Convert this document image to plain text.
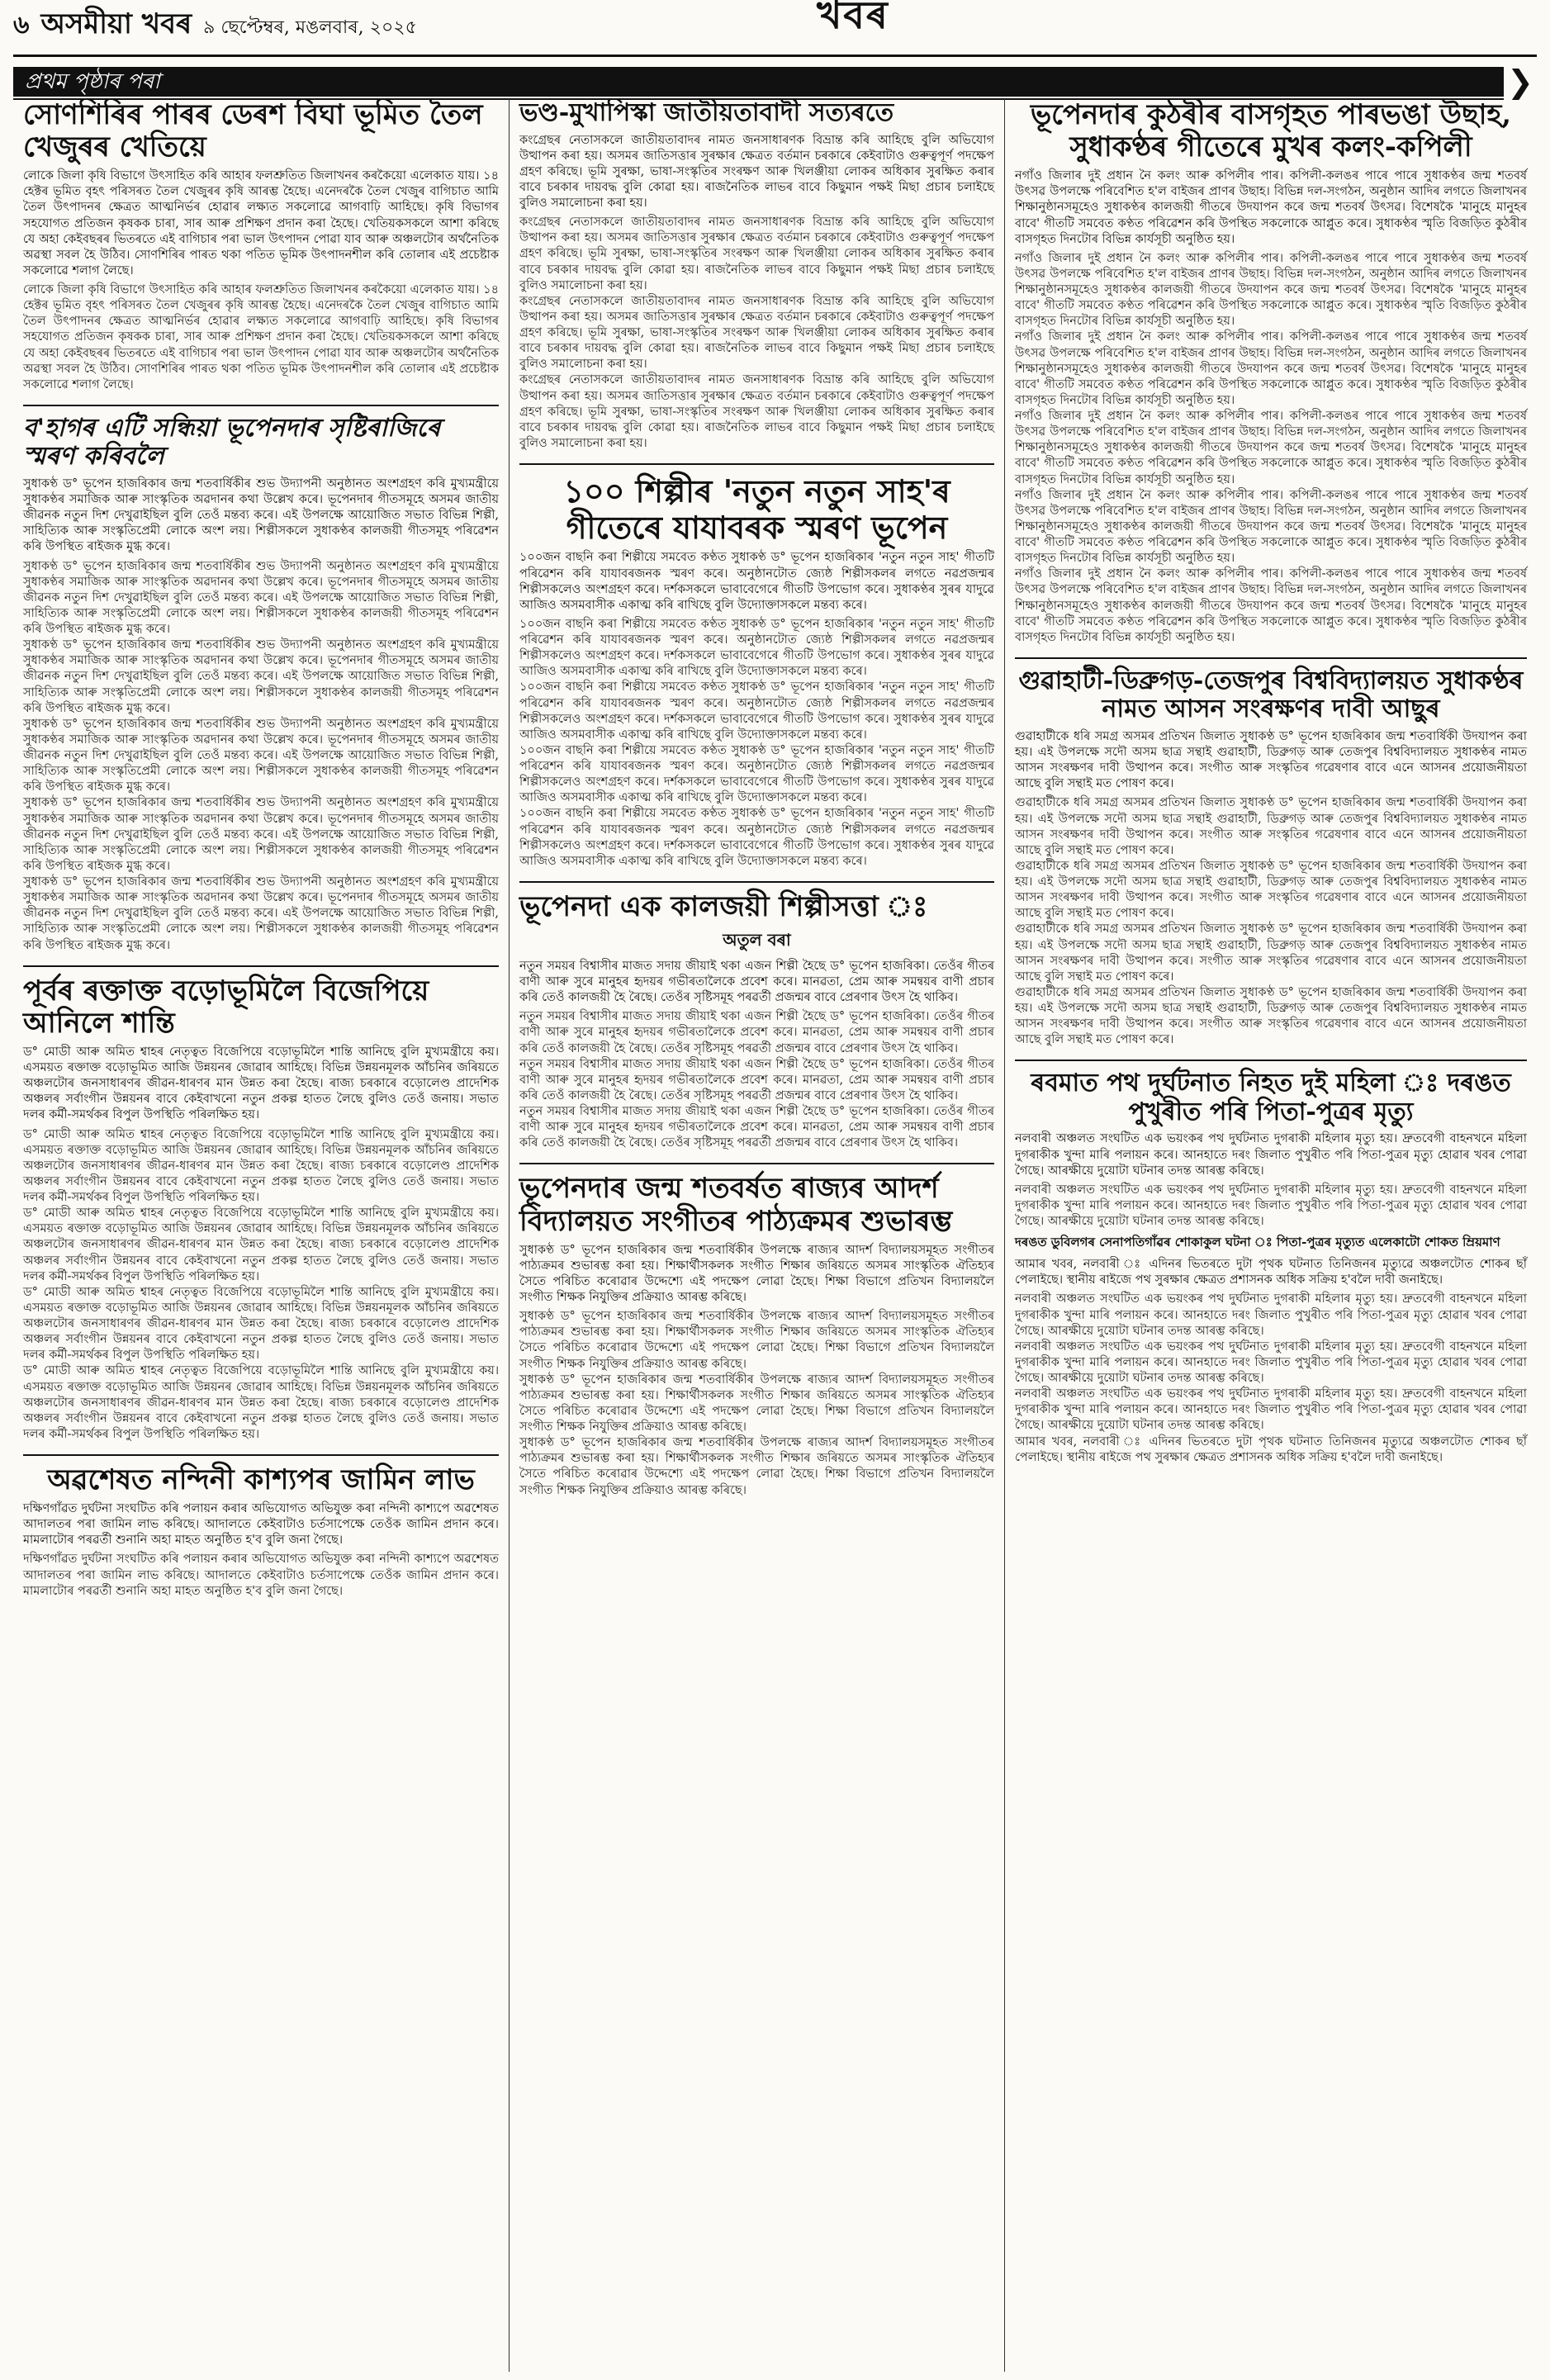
৬ অসমীয়া খবৰ ৯ ছেপ্টেম্বৰ, মঙলবাৰ, ২০২৫	খবৰ
প্ৰথম পৃষ্ঠাৰ পৰা	❯
সোণশিৰিৰ পাৰৰ ডেৰশ বিঘা ভূমিত তৈল খেজুৰৰ খেতিয়ে

লোকে জিলা কৃষি বিভাগে উৎসাহিত কৰি আহাৰ ফলশ্ৰুতিত জিলাখনৰ কৰকৈয়ো এলেকাত যায়। ১৪ হেক্টৰ ভূমিত বৃহৎ পৰিসৰত তৈল খেজুৰৰ কৃষি আৰম্ভ হৈছে। এনেদৰকৈ তৈল খেজুৰ বাগিচাত আমি তৈল উৎপাদনৰ ক্ষেত্ৰত আত্মনিৰ্ভৰ হোৱাৰ লক্ষ্যত সকলোৱে আগবাঢ়ি আহিছে। কৃষি বিভাগৰ সহযোগত প্ৰতিজন কৃষকক চাৰা, সাৰ আৰু প্ৰশিক্ষণ প্ৰদান কৰা হৈছে। খেতিয়কসকলে আশা কৰিছে যে অহা কেইবছৰৰ ভিতৰতে এই বাগিচাৰ পৰা ভাল উৎপাদন পোৱা যাব আৰু অঞ্চলটোৰ অৰ্থনৈতিক অৱস্থা সবল হৈ উঠিব। সোণশিৰিৰ পাৰত থকা পতিত ভূমিক উৎপাদনশীল কৰি তোলাৰ এই প্ৰচেষ্টাক সকলোৱে শলাগ লৈছে।

লোকে জিলা কৃষি বিভাগে উৎসাহিত কৰি আহাৰ ফলশ্ৰুতিত জিলাখনৰ কৰকৈয়ো এলেকাত যায়। ১৪ হেক্টৰ ভূমিত বৃহৎ পৰিসৰত তৈল খেজুৰৰ কৃষি আৰম্ভ হৈছে। এনেদৰকৈ তৈল খেজুৰ বাগিচাত আমি তৈল উৎপাদনৰ ক্ষেত্ৰত আত্মনিৰ্ভৰ হোৱাৰ লক্ষ্যত সকলোৱে আগবাঢ়ি আহিছে। কৃষি বিভাগৰ সহযোগত প্ৰতিজন কৃষকক চাৰা, সাৰ আৰু প্ৰশিক্ষণ প্ৰদান কৰা হৈছে। খেতিয়কসকলে আশা কৰিছে যে অহা কেইবছৰৰ ভিতৰতে এই বাগিচাৰ পৰা ভাল উৎপাদন পোৱা যাব আৰু অঞ্চলটোৰ অৰ্থনৈতিক অৱস্থা সবল হৈ উঠিব। সোণশিৰিৰ পাৰত থকা পতিত ভূমিক উৎপাদনশীল কৰি তোলাৰ এই প্ৰচেষ্টাক সকলোৱে শলাগ লৈছে।
ব'হাগৰ এটি সন্ধিয়া ভূপেনদাৰ সৃষ্টিৰাজিৰে স্মৰণ কৰিবলৈ

সুধাকণ্ঠ ড° ভূপেন হাজৰিকাৰ জন্ম শতবাৰ্ষিকীৰ শুভ উদ্যাপনী অনুষ্ঠানত অংশগ্ৰহণ কৰি মুখ্যমন্ত্ৰীয়ে সুধাকণ্ঠৰ সমাজিক আৰু সাংস্কৃতিক অৱদানৰ কথা উল্লেখ কৰে। ভূপেনদাৰ গীতসমূহে অসমৰ জাতীয় জীৱনক নতুন দিশ দেখুৱাইছিল বুলি তেওঁ মন্তব্য কৰে। এই উপলক্ষে আয়োজিত সভাত বিভিন্ন শিল্পী, সাহিত্যিক আৰু সংস্কৃতিপ্ৰেমী লোকে অংশ লয়। শিল্পীসকলে সুধাকণ্ঠৰ কালজয়ী গীতসমূহ পৰিৱেশন কৰি উপস্থিত ৰাইজক মুগ্ধ কৰে।

সুধাকণ্ঠ ড° ভূপেন হাজৰিকাৰ জন্ম শতবাৰ্ষিকীৰ শুভ উদ্যাপনী অনুষ্ঠানত অংশগ্ৰহণ কৰি মুখ্যমন্ত্ৰীয়ে সুধাকণ্ঠৰ সমাজিক আৰু সাংস্কৃতিক অৱদানৰ কথা উল্লেখ কৰে। ভূপেনদাৰ গীতসমূহে অসমৰ জাতীয় জীৱনক নতুন দিশ দেখুৱাইছিল বুলি তেওঁ মন্তব্য কৰে। এই উপলক্ষে আয়োজিত সভাত বিভিন্ন শিল্পী, সাহিত্যিক আৰু সংস্কৃতিপ্ৰেমী লোকে অংশ লয়। শিল্পীসকলে সুধাকণ্ঠৰ কালজয়ী গীতসমূহ পৰিৱেশন কৰি উপস্থিত ৰাইজক মুগ্ধ কৰে।
সুধাকণ্ঠ ড° ভূপেন হাজৰিকাৰ জন্ম শতবাৰ্ষিকীৰ শুভ উদ্যাপনী অনুষ্ঠানত অংশগ্ৰহণ কৰি মুখ্যমন্ত্ৰীয়ে সুধাকণ্ঠৰ সমাজিক আৰু সাংস্কৃতিক অৱদানৰ কথা উল্লেখ কৰে। ভূপেনদাৰ গীতসমূহে অসমৰ জাতীয় জীৱনক নতুন দিশ দেখুৱাইছিল বুলি তেওঁ মন্তব্য কৰে। এই উপলক্ষে আয়োজিত সভাত বিভিন্ন শিল্পী, সাহিত্যিক আৰু সংস্কৃতিপ্ৰেমী লোকে অংশ লয়। শিল্পীসকলে সুধাকণ্ঠৰ কালজয়ী গীতসমূহ পৰিৱেশন কৰি উপস্থিত ৰাইজক মুগ্ধ কৰে।
সুধাকণ্ঠ ড° ভূপেন হাজৰিকাৰ জন্ম শতবাৰ্ষিকীৰ শুভ উদ্যাপনী অনুষ্ঠানত অংশগ্ৰহণ কৰি মুখ্যমন্ত্ৰীয়ে সুধাকণ্ঠৰ সমাজিক আৰু সাংস্কৃতিক অৱদানৰ কথা উল্লেখ কৰে। ভূপেনদাৰ গীতসমূহে অসমৰ জাতীয় জীৱনক নতুন দিশ দেখুৱাইছিল বুলি তেওঁ মন্তব্য কৰে। এই উপলক্ষে আয়োজিত সভাত বিভিন্ন শিল্পী, সাহিত্যিক আৰু সংস্কৃতিপ্ৰেমী লোকে অংশ লয়। শিল্পীসকলে সুধাকণ্ঠৰ কালজয়ী গীতসমূহ পৰিৱেশন কৰি উপস্থিত ৰাইজক মুগ্ধ কৰে।
সুধাকণ্ঠ ড° ভূপেন হাজৰিকাৰ জন্ম শতবাৰ্ষিকীৰ শুভ উদ্যাপনী অনুষ্ঠানত অংশগ্ৰহণ কৰি মুখ্যমন্ত্ৰীয়ে সুধাকণ্ঠৰ সমাজিক আৰু সাংস্কৃতিক অৱদানৰ কথা উল্লেখ কৰে। ভূপেনদাৰ গীতসমূহে অসমৰ জাতীয় জীৱনক নতুন দিশ দেখুৱাইছিল বুলি তেওঁ মন্তব্য কৰে। এই উপলক্ষে আয়োজিত সভাত বিভিন্ন শিল্পী, সাহিত্যিক আৰু সংস্কৃতিপ্ৰেমী লোকে অংশ লয়। শিল্পীসকলে সুধাকণ্ঠৰ কালজয়ী গীতসমূহ পৰিৱেশন কৰি উপস্থিত ৰাইজক মুগ্ধ কৰে।
সুধাকণ্ঠ ড° ভূপেন হাজৰিকাৰ জন্ম শতবাৰ্ষিকীৰ শুভ উদ্যাপনী অনুষ্ঠানত অংশগ্ৰহণ কৰি মুখ্যমন্ত্ৰীয়ে সুধাকণ্ঠৰ সমাজিক আৰু সাংস্কৃতিক অৱদানৰ কথা উল্লেখ কৰে। ভূপেনদাৰ গীতসমূহে অসমৰ জাতীয় জীৱনক নতুন দিশ দেখুৱাইছিল বুলি তেওঁ মন্তব্য কৰে। এই উপলক্ষে আয়োজিত সভাত বিভিন্ন শিল্পী, সাহিত্যিক আৰু সংস্কৃতিপ্ৰেমী লোকে অংশ লয়। শিল্পীসকলে সুধাকণ্ঠৰ কালজয়ী গীতসমূহ পৰিৱেশন কৰি উপস্থিত ৰাইজক মুগ্ধ কৰে।
পূৰ্বৰ ৰক্তাক্ত বড়োভূমিলৈ বিজেপিয়ে আনিলে শান্তি

ড° মোডী আৰু অমিত শ্বাহৰ নেতৃত্বত বিজেপিয়ে বড়োভূমিলৈ শান্তি আনিছে বুলি মুখ্যমন্ত্ৰীয়ে কয়। এসময়ত ৰক্তাক্ত বড়োভূমিত আজি উন্নয়নৰ জোৱাৰ আহিছে। বিভিন্ন উন্নয়নমূলক আঁচনিৰ জৰিয়তে অঞ্চলটোৰ জনসাধাৰণৰ জীৱন-ধাৰণৰ মান উন্নত কৰা হৈছে। ৰাজ্য চৰকাৰে বড়োলেণ্ড প্ৰাদেশিক অঞ্চলৰ সৰ্বাংগীন উন্নয়নৰ বাবে কেইবাখনো নতুন প্ৰকল্প হাতত লৈছে বুলিও তেওঁ জনায়। সভাত দলৰ কৰ্মী-সমৰ্থকৰ বিপুল উপস্থিতি পৰিলক্ষিত হয়।

ড° মোডী আৰু অমিত শ্বাহৰ নেতৃত্বত বিজেপিয়ে বড়োভূমিলৈ শান্তি আনিছে বুলি মুখ্যমন্ত্ৰীয়ে কয়। এসময়ত ৰক্তাক্ত বড়োভূমিত আজি উন্নয়নৰ জোৱাৰ আহিছে। বিভিন্ন উন্নয়নমূলক আঁচনিৰ জৰিয়তে অঞ্চলটোৰ জনসাধাৰণৰ জীৱন-ধাৰণৰ মান উন্নত কৰা হৈছে। ৰাজ্য চৰকাৰে বড়োলেণ্ড প্ৰাদেশিক অঞ্চলৰ সৰ্বাংগীন উন্নয়নৰ বাবে কেইবাখনো নতুন প্ৰকল্প হাতত লৈছে বুলিও তেওঁ জনায়। সভাত দলৰ কৰ্মী-সমৰ্থকৰ বিপুল উপস্থিতি পৰিলক্ষিত হয়।
ড° মোডী আৰু অমিত শ্বাহৰ নেতৃত্বত বিজেপিয়ে বড়োভূমিলৈ শান্তি আনিছে বুলি মুখ্যমন্ত্ৰীয়ে কয়। এসময়ত ৰক্তাক্ত বড়োভূমিত আজি উন্নয়নৰ জোৱাৰ আহিছে। বিভিন্ন উন্নয়নমূলক আঁচনিৰ জৰিয়তে অঞ্চলটোৰ জনসাধাৰণৰ জীৱন-ধাৰণৰ মান উন্নত কৰা হৈছে। ৰাজ্য চৰকাৰে বড়োলেণ্ড প্ৰাদেশিক অঞ্চলৰ সৰ্বাংগীন উন্নয়নৰ বাবে কেইবাখনো নতুন প্ৰকল্প হাতত লৈছে বুলিও তেওঁ জনায়। সভাত দলৰ কৰ্মী-সমৰ্থকৰ বিপুল উপস্থিতি পৰিলক্ষিত হয়।
ড° মোডী আৰু অমিত শ্বাহৰ নেতৃত্বত বিজেপিয়ে বড়োভূমিলৈ শান্তি আনিছে বুলি মুখ্যমন্ত্ৰীয়ে কয়। এসময়ত ৰক্তাক্ত বড়োভূমিত আজি উন্নয়নৰ জোৱাৰ আহিছে। বিভিন্ন উন্নয়নমূলক আঁচনিৰ জৰিয়তে অঞ্চলটোৰ জনসাধাৰণৰ জীৱন-ধাৰণৰ মান উন্নত কৰা হৈছে। ৰাজ্য চৰকাৰে বড়োলেণ্ড প্ৰাদেশিক অঞ্চলৰ সৰ্বাংগীন উন্নয়নৰ বাবে কেইবাখনো নতুন প্ৰকল্প হাতত লৈছে বুলিও তেওঁ জনায়। সভাত দলৰ কৰ্মী-সমৰ্থকৰ বিপুল উপস্থিতি পৰিলক্ষিত হয়।
ড° মোডী আৰু অমিত শ্বাহৰ নেতৃত্বত বিজেপিয়ে বড়োভূমিলৈ শান্তি আনিছে বুলি মুখ্যমন্ত্ৰীয়ে কয়। এসময়ত ৰক্তাক্ত বড়োভূমিত আজি উন্নয়নৰ জোৱাৰ আহিছে। বিভিন্ন উন্নয়নমূলক আঁচনিৰ জৰিয়তে অঞ্চলটোৰ জনসাধাৰণৰ জীৱন-ধাৰণৰ মান উন্নত কৰা হৈছে। ৰাজ্য চৰকাৰে বড়োলেণ্ড প্ৰাদেশিক অঞ্চলৰ সৰ্বাংগীন উন্নয়নৰ বাবে কেইবাখনো নতুন প্ৰকল্প হাতত লৈছে বুলিও তেওঁ জনায়। সভাত দলৰ কৰ্মী-সমৰ্থকৰ বিপুল উপস্থিতি পৰিলক্ষিত হয়।
অৱশেষত নন্দিনী কাশ্যপৰ জামিন লাভ

দক্ষিণগাঁৱত দুৰ্ঘটনা সংঘটিত কৰি পলায়ন কৰাৰ অভিযোগত অভিযুক্ত কৰা নন্দিনী কাশ্যপে অৱশেষত আদালতৰ পৰা জামিন লাভ কৰিছে। আদালতে কেইবাটাও চৰ্তসাপেক্ষে তেওঁক জামিন প্ৰদান কৰে। মামলাটোৰ পৰৱৰ্তী শুনানি অহা মাহত অনুষ্ঠিত হ'ব বুলি জনা গৈছে।

দক্ষিণগাঁৱত দুৰ্ঘটনা সংঘটিত কৰি পলায়ন কৰাৰ অভিযোগত অভিযুক্ত কৰা নন্দিনী কাশ্যপে অৱশেষত আদালতৰ পৰা জামিন লাভ কৰিছে। আদালতে কেইবাটাও চৰ্তসাপেক্ষে তেওঁক জামিন প্ৰদান কৰে। মামলাটোৰ পৰৱৰ্তী শুনানি অহা মাহত অনুষ্ঠিত হ'ব বুলি জনা গৈছে।
ভণ্ড-মুখাপিস্কা জাতীয়তাবাদী সত্যৰতে

কংগ্ৰেছৰ নেতাসকলে জাতীয়তাবাদৰ নামত জনসাধাৰণক বিভ্ৰান্ত কৰি আহিছে বুলি অভিযোগ উত্থাপন কৰা হয়। অসমৰ জাতিসত্তাৰ সুৰক্ষাৰ ক্ষেত্ৰত বৰ্তমান চৰকাৰে কেইবাটাও গুৰুত্বপূৰ্ণ পদক্ষেপ গ্ৰহণ কৰিছে। ভূমি সুৰক্ষা, ভাষা-সংস্কৃতিৰ সংৰক্ষণ আৰু খিলঞ্জীয়া লোকৰ অধিকাৰ সুৰক্ষিত কৰাৰ বাবে চৰকাৰ দায়বদ্ধ বুলি কোৱা হয়। ৰাজনৈতিক লাভৰ বাবে কিছুমান পক্ষই মিছা প্ৰচাৰ চলাইছে বুলিও সমালোচনা কৰা হয়।

কংগ্ৰেছৰ নেতাসকলে জাতীয়তাবাদৰ নামত জনসাধাৰণক বিভ্ৰান্ত কৰি আহিছে বুলি অভিযোগ উত্থাপন কৰা হয়। অসমৰ জাতিসত্তাৰ সুৰক্ষাৰ ক্ষেত্ৰত বৰ্তমান চৰকাৰে কেইবাটাও গুৰুত্বপূৰ্ণ পদক্ষেপ গ্ৰহণ কৰিছে। ভূমি সুৰক্ষা, ভাষা-সংস্কৃতিৰ সংৰক্ষণ আৰু খিলঞ্জীয়া লোকৰ অধিকাৰ সুৰক্ষিত কৰাৰ বাবে চৰকাৰ দায়বদ্ধ বুলি কোৱা হয়। ৰাজনৈতিক লাভৰ বাবে কিছুমান পক্ষই মিছা প্ৰচাৰ চলাইছে বুলিও সমালোচনা কৰা হয়।
কংগ্ৰেছৰ নেতাসকলে জাতীয়তাবাদৰ নামত জনসাধাৰণক বিভ্ৰান্ত কৰি আহিছে বুলি অভিযোগ উত্থাপন কৰা হয়। অসমৰ জাতিসত্তাৰ সুৰক্ষাৰ ক্ষেত্ৰত বৰ্তমান চৰকাৰে কেইবাটাও গুৰুত্বপূৰ্ণ পদক্ষেপ গ্ৰহণ কৰিছে। ভূমি সুৰক্ষা, ভাষা-সংস্কৃতিৰ সংৰক্ষণ আৰু খিলঞ্জীয়া লোকৰ অধিকাৰ সুৰক্ষিত কৰাৰ বাবে চৰকাৰ দায়বদ্ধ বুলি কোৱা হয়। ৰাজনৈতিক লাভৰ বাবে কিছুমান পক্ষই মিছা প্ৰচাৰ চলাইছে বুলিও সমালোচনা কৰা হয়।
কংগ্ৰেছৰ নেতাসকলে জাতীয়তাবাদৰ নামত জনসাধাৰণক বিভ্ৰান্ত কৰি আহিছে বুলি অভিযোগ উত্থাপন কৰা হয়। অসমৰ জাতিসত্তাৰ সুৰক্ষাৰ ক্ষেত্ৰত বৰ্তমান চৰকাৰে কেইবাটাও গুৰুত্বপূৰ্ণ পদক্ষেপ গ্ৰহণ কৰিছে। ভূমি সুৰক্ষা, ভাষা-সংস্কৃতিৰ সংৰক্ষণ আৰু খিলঞ্জীয়া লোকৰ অধিকাৰ সুৰক্ষিত কৰাৰ বাবে চৰকাৰ দায়বদ্ধ বুলি কোৱা হয়। ৰাজনৈতিক লাভৰ বাবে কিছুমান পক্ষই মিছা প্ৰচাৰ চলাইছে বুলিও সমালোচনা কৰা হয়।
১০০ শিল্পীৰ 'নতুন নতুন সাহ'ৰ গীতেৰে যাযাবৰক স্মৰণ ভূপেন

১০০জন বাছনি কৰা শিল্পীয়ে সমবেত কণ্ঠত সুধাকণ্ঠ ড° ভূপেন হাজৰিকাৰ 'নতুন নতুন সাহ' গীতটি পৰিৱেশন কৰি যাযাবৰজনক স্মৰণ কৰে। অনুষ্ঠানটোত জ্যেষ্ঠ শিল্পীসকলৰ লগতে নৱপ্ৰজন্মৰ শিল্পীসকলেও অংশগ্ৰহণ কৰে। দৰ্শকসকলে ভাবাবেগেৰে গীতটি উপভোগ কৰে। সুধাকণ্ঠৰ সুৰৰ যাদুৱে আজিও অসমবাসীক একাত্ম কৰি ৰাখিছে বুলি উদ্যোক্তাসকলে মন্তব্য কৰে।

১০০জন বাছনি কৰা শিল্পীয়ে সমবেত কণ্ঠত সুধাকণ্ঠ ড° ভূপেন হাজৰিকাৰ 'নতুন নতুন সাহ' গীতটি পৰিৱেশন কৰি যাযাবৰজনক স্মৰণ কৰে। অনুষ্ঠানটোত জ্যেষ্ঠ শিল্পীসকলৰ লগতে নৱপ্ৰজন্মৰ শিল্পীসকলেও অংশগ্ৰহণ কৰে। দৰ্শকসকলে ভাবাবেগেৰে গীতটি উপভোগ কৰে। সুধাকণ্ঠৰ সুৰৰ যাদুৱে আজিও অসমবাসীক একাত্ম কৰি ৰাখিছে বুলি উদ্যোক্তাসকলে মন্তব্য কৰে।
১০০জন বাছনি কৰা শিল্পীয়ে সমবেত কণ্ঠত সুধাকণ্ঠ ড° ভূপেন হাজৰিকাৰ 'নতুন নতুন সাহ' গীতটি পৰিৱেশন কৰি যাযাবৰজনক স্মৰণ কৰে। অনুষ্ঠানটোত জ্যেষ্ঠ শিল্পীসকলৰ লগতে নৱপ্ৰজন্মৰ শিল্পীসকলেও অংশগ্ৰহণ কৰে। দৰ্শকসকলে ভাবাবেগেৰে গীতটি উপভোগ কৰে। সুধাকণ্ঠৰ সুৰৰ যাদুৱে আজিও অসমবাসীক একাত্ম কৰি ৰাখিছে বুলি উদ্যোক্তাসকলে মন্তব্য কৰে।
১০০জন বাছনি কৰা শিল্পীয়ে সমবেত কণ্ঠত সুধাকণ্ঠ ড° ভূপেন হাজৰিকাৰ 'নতুন নতুন সাহ' গীতটি পৰিৱেশন কৰি যাযাবৰজনক স্মৰণ কৰে। অনুষ্ঠানটোত জ্যেষ্ঠ শিল্পীসকলৰ লগতে নৱপ্ৰজন্মৰ শিল্পীসকলেও অংশগ্ৰহণ কৰে। দৰ্শকসকলে ভাবাবেগেৰে গীতটি উপভোগ কৰে। সুধাকণ্ঠৰ সুৰৰ যাদুৱে আজিও অসমবাসীক একাত্ম কৰি ৰাখিছে বুলি উদ্যোক্তাসকলে মন্তব্য কৰে।
১০০জন বাছনি কৰা শিল্পীয়ে সমবেত কণ্ঠত সুধাকণ্ঠ ড° ভূপেন হাজৰিকাৰ 'নতুন নতুন সাহ' গীতটি পৰিৱেশন কৰি যাযাবৰজনক স্মৰণ কৰে। অনুষ্ঠানটোত জ্যেষ্ঠ শিল্পীসকলৰ লগতে নৱপ্ৰজন্মৰ শিল্পীসকলেও অংশগ্ৰহণ কৰে। দৰ্শকসকলে ভাবাবেগেৰে গীতটি উপভোগ কৰে। সুধাকণ্ঠৰ সুৰৰ যাদুৱে আজিও অসমবাসীক একাত্ম কৰি ৰাখিছে বুলি উদ্যোক্তাসকলে মন্তব্য কৰে।
ভূপেনদা এক কালজয়ী শিল্পীসত্তা ঃ
অতুল বৰা

নতুন সময়ৰ বিশ্বাসীৰ মাজত সদায় জীয়াই থকা এজন শিল্পী হৈছে ড° ভূপেন হাজৰিকা। তেওঁৰ গীতৰ বাণী আৰু সুৰে মানুহৰ হৃদয়ৰ গভীৰতালৈকে প্ৰবেশ কৰে। মানৱতা, প্ৰেম আৰু সমন্বয়ৰ বাণী প্ৰচাৰ কৰি তেওঁ কালজয়ী হৈ ৰৈছে। তেওঁৰ সৃষ্টিসমূহ পৰৱৰ্তী প্ৰজন্মৰ বাবে প্ৰেৰণাৰ উৎস হৈ থাকিব।

নতুন সময়ৰ বিশ্বাসীৰ মাজত সদায় জীয়াই থকা এজন শিল্পী হৈছে ড° ভূপেন হাজৰিকা। তেওঁৰ গীতৰ বাণী আৰু সুৰে মানুহৰ হৃদয়ৰ গভীৰতালৈকে প্ৰবেশ কৰে। মানৱতা, প্ৰেম আৰু সমন্বয়ৰ বাণী প্ৰচাৰ কৰি তেওঁ কালজয়ী হৈ ৰৈছে। তেওঁৰ সৃষ্টিসমূহ পৰৱৰ্তী প্ৰজন্মৰ বাবে প্ৰেৰণাৰ উৎস হৈ থাকিব।
নতুন সময়ৰ বিশ্বাসীৰ মাজত সদায় জীয়াই থকা এজন শিল্পী হৈছে ড° ভূপেন হাজৰিকা। তেওঁৰ গীতৰ বাণী আৰু সুৰে মানুহৰ হৃদয়ৰ গভীৰতালৈকে প্ৰবেশ কৰে। মানৱতা, প্ৰেম আৰু সমন্বয়ৰ বাণী প্ৰচাৰ কৰি তেওঁ কালজয়ী হৈ ৰৈছে। তেওঁৰ সৃষ্টিসমূহ পৰৱৰ্তী প্ৰজন্মৰ বাবে প্ৰেৰণাৰ উৎস হৈ থাকিব।
নতুন সময়ৰ বিশ্বাসীৰ মাজত সদায় জীয়াই থকা এজন শিল্পী হৈছে ড° ভূপেন হাজৰিকা। তেওঁৰ গীতৰ বাণী আৰু সুৰে মানুহৰ হৃদয়ৰ গভীৰতালৈকে প্ৰবেশ কৰে। মানৱতা, প্ৰেম আৰু সমন্বয়ৰ বাণী প্ৰচাৰ কৰি তেওঁ কালজয়ী হৈ ৰৈছে। তেওঁৰ সৃষ্টিসমূহ পৰৱৰ্তী প্ৰজন্মৰ বাবে প্ৰেৰণাৰ উৎস হৈ থাকিব।
ভূপেনদাৰ জন্ম শতবৰ্ষত ৰাজ্যৰ আদৰ্শ বিদ্যালয়ত সংগীতৰ পাঠ্যক্ৰমৰ শুভাৰম্ভ

সুধাকণ্ঠ ড° ভূপেন হাজৰিকাৰ জন্ম শতবাৰ্ষিকীৰ উপলক্ষে ৰাজ্যৰ আদৰ্শ বিদ্যালয়সমূহত সংগীতৰ পাঠ্যক্ৰমৰ শুভাৰম্ভ কৰা হয়। শিক্ষাৰ্থীসকলক সংগীত শিক্ষাৰ জৰিয়তে অসমৰ সাংস্কৃতিক ঐতিহ্যৰ সৈতে পৰিচিত কৰোৱাৰ উদ্দেশ্যে এই পদক্ষেপ লোৱা হৈছে। শিক্ষা বিভাগে প্ৰতিখন বিদ্যালয়লৈ সংগীত শিক্ষক নিযুক্তিৰ প্ৰক্ৰিয়াও আৰম্ভ কৰিছে।

সুধাকণ্ঠ ড° ভূপেন হাজৰিকাৰ জন্ম শতবাৰ্ষিকীৰ উপলক্ষে ৰাজ্যৰ আদৰ্শ বিদ্যালয়সমূহত সংগীতৰ পাঠ্যক্ৰমৰ শুভাৰম্ভ কৰা হয়। শিক্ষাৰ্থীসকলক সংগীত শিক্ষাৰ জৰিয়তে অসমৰ সাংস্কৃতিক ঐতিহ্যৰ সৈতে পৰিচিত কৰোৱাৰ উদ্দেশ্যে এই পদক্ষেপ লোৱা হৈছে। শিক্ষা বিভাগে প্ৰতিখন বিদ্যালয়লৈ সংগীত শিক্ষক নিযুক্তিৰ প্ৰক্ৰিয়াও আৰম্ভ কৰিছে।
সুধাকণ্ঠ ড° ভূপেন হাজৰিকাৰ জন্ম শতবাৰ্ষিকীৰ উপলক্ষে ৰাজ্যৰ আদৰ্শ বিদ্যালয়সমূহত সংগীতৰ পাঠ্যক্ৰমৰ শুভাৰম্ভ কৰা হয়। শিক্ষাৰ্থীসকলক সংগীত শিক্ষাৰ জৰিয়তে অসমৰ সাংস্কৃতিক ঐতিহ্যৰ সৈতে পৰিচিত কৰোৱাৰ উদ্দেশ্যে এই পদক্ষেপ লোৱা হৈছে। শিক্ষা বিভাগে প্ৰতিখন বিদ্যালয়লৈ সংগীত শিক্ষক নিযুক্তিৰ প্ৰক্ৰিয়াও আৰম্ভ কৰিছে।
সুধাকণ্ঠ ড° ভূপেন হাজৰিকাৰ জন্ম শতবাৰ্ষিকীৰ উপলক্ষে ৰাজ্যৰ আদৰ্শ বিদ্যালয়সমূহত সংগীতৰ পাঠ্যক্ৰমৰ শুভাৰম্ভ কৰা হয়। শিক্ষাৰ্থীসকলক সংগীত শিক্ষাৰ জৰিয়তে অসমৰ সাংস্কৃতিক ঐতিহ্যৰ সৈতে পৰিচিত কৰোৱাৰ উদ্দেশ্যে এই পদক্ষেপ লোৱা হৈছে। শিক্ষা বিভাগে প্ৰতিখন বিদ্যালয়লৈ সংগীত শিক্ষক নিযুক্তিৰ প্ৰক্ৰিয়াও আৰম্ভ কৰিছে।
ভূপেনদাৰ কুঠৰীৰ বাসগৃহত পাৰভঙা উছাহ, সুধাকণ্ঠৰ গীতেৰে মুখৰ কলং-কপিলী

নগাঁও জিলাৰ দুই প্ৰধান নৈ কলং আৰু কপিলীৰ পাৰ। কপিলী-কলঙৰ পাৰে পাৰে সুধাকণ্ঠৰ জন্ম শতবৰ্ষ উৎসৱ উপলক্ষে পৰিবেশিত হ'ল বাইজৰ প্ৰাণৰ উছাহ। বিভিন্ন দল-সংগঠন, অনুষ্ঠান আদিৰ লগতে জিলাখনৰ শিক্ষানুষ্ঠানসমূহেও সুধাকণ্ঠৰ কালজয়ী গীতৰে উদযাপন কৰে জন্ম শতবৰ্ষ উৎসৱ। বিশেষকৈ 'মানুহে মানুহৰ বাবে' গীতটি সমবেত কণ্ঠত পৰিৱেশন কৰি উপস্থিত সকলোকে আপ্লুত কৰে। সুধাকণ্ঠৰ স্মৃতি বিজড়িত কুঠৰীৰ বাসগৃহত দিনটোৰ বিভিন্ন কাৰ্যসূচী অনুষ্ঠিত হয়।

নগাঁও জিলাৰ দুই প্ৰধান নৈ কলং আৰু কপিলীৰ পাৰ। কপিলী-কলঙৰ পাৰে পাৰে সুধাকণ্ঠৰ জন্ম শতবৰ্ষ উৎসৱ উপলক্ষে পৰিবেশিত হ'ল বাইজৰ প্ৰাণৰ উছাহ। বিভিন্ন দল-সংগঠন, অনুষ্ঠান আদিৰ লগতে জিলাখনৰ শিক্ষানুষ্ঠানসমূহেও সুধাকণ্ঠৰ কালজয়ী গীতৰে উদযাপন কৰে জন্ম শতবৰ্ষ উৎসৱ। বিশেষকৈ 'মানুহে মানুহৰ বাবে' গীতটি সমবেত কণ্ঠত পৰিৱেশন কৰি উপস্থিত সকলোকে আপ্লুত কৰে। সুধাকণ্ঠৰ স্মৃতি বিজড়িত কুঠৰীৰ বাসগৃহত দিনটোৰ বিভিন্ন কাৰ্যসূচী অনুষ্ঠিত হয়।
নগাঁও জিলাৰ দুই প্ৰধান নৈ কলং আৰু কপিলীৰ পাৰ। কপিলী-কলঙৰ পাৰে পাৰে সুধাকণ্ঠৰ জন্ম শতবৰ্ষ উৎসৱ উপলক্ষে পৰিবেশিত হ'ল বাইজৰ প্ৰাণৰ উছাহ। বিভিন্ন দল-সংগঠন, অনুষ্ঠান আদিৰ লগতে জিলাখনৰ শিক্ষানুষ্ঠানসমূহেও সুধাকণ্ঠৰ কালজয়ী গীতৰে উদযাপন কৰে জন্ম শতবৰ্ষ উৎসৱ। বিশেষকৈ 'মানুহে মানুহৰ বাবে' গীতটি সমবেত কণ্ঠত পৰিৱেশন কৰি উপস্থিত সকলোকে আপ্লুত কৰে। সুধাকণ্ঠৰ স্মৃতি বিজড়িত কুঠৰীৰ বাসগৃহত দিনটোৰ বিভিন্ন কাৰ্যসূচী অনুষ্ঠিত হয়।
নগাঁও জিলাৰ দুই প্ৰধান নৈ কলং আৰু কপিলীৰ পাৰ। কপিলী-কলঙৰ পাৰে পাৰে সুধাকণ্ঠৰ জন্ম শতবৰ্ষ উৎসৱ উপলক্ষে পৰিবেশিত হ'ল বাইজৰ প্ৰাণৰ উছাহ। বিভিন্ন দল-সংগঠন, অনুষ্ঠান আদিৰ লগতে জিলাখনৰ শিক্ষানুষ্ঠানসমূহেও সুধাকণ্ঠৰ কালজয়ী গীতৰে উদযাপন কৰে জন্ম শতবৰ্ষ উৎসৱ। বিশেষকৈ 'মানুহে মানুহৰ বাবে' গীতটি সমবেত কণ্ঠত পৰিৱেশন কৰি উপস্থিত সকলোকে আপ্লুত কৰে। সুধাকণ্ঠৰ স্মৃতি বিজড়িত কুঠৰীৰ বাসগৃহত দিনটোৰ বিভিন্ন কাৰ্যসূচী অনুষ্ঠিত হয়।
নগাঁও জিলাৰ দুই প্ৰধান নৈ কলং আৰু কপিলীৰ পাৰ। কপিলী-কলঙৰ পাৰে পাৰে সুধাকণ্ঠৰ জন্ম শতবৰ্ষ উৎসৱ উপলক্ষে পৰিবেশিত হ'ল বাইজৰ প্ৰাণৰ উছাহ। বিভিন্ন দল-সংগঠন, অনুষ্ঠান আদিৰ লগতে জিলাখনৰ শিক্ষানুষ্ঠানসমূহেও সুধাকণ্ঠৰ কালজয়ী গীতৰে উদযাপন কৰে জন্ম শতবৰ্ষ উৎসৱ। বিশেষকৈ 'মানুহে মানুহৰ বাবে' গীতটি সমবেত কণ্ঠত পৰিৱেশন কৰি উপস্থিত সকলোকে আপ্লুত কৰে। সুধাকণ্ঠৰ স্মৃতি বিজড়িত কুঠৰীৰ বাসগৃহত দিনটোৰ বিভিন্ন কাৰ্যসূচী অনুষ্ঠিত হয়।
নগাঁও জিলাৰ দুই প্ৰধান নৈ কলং আৰু কপিলীৰ পাৰ। কপিলী-কলঙৰ পাৰে পাৰে সুধাকণ্ঠৰ জন্ম শতবৰ্ষ উৎসৱ উপলক্ষে পৰিবেশিত হ'ল বাইজৰ প্ৰাণৰ উছাহ। বিভিন্ন দল-সংগঠন, অনুষ্ঠান আদিৰ লগতে জিলাখনৰ শিক্ষানুষ্ঠানসমূহেও সুধাকণ্ঠৰ কালজয়ী গীতৰে উদযাপন কৰে জন্ম শতবৰ্ষ উৎসৱ। বিশেষকৈ 'মানুহে মানুহৰ বাবে' গীতটি সমবেত কণ্ঠত পৰিৱেশন কৰি উপস্থিত সকলোকে আপ্লুত কৰে। সুধাকণ্ঠৰ স্মৃতি বিজড়িত কুঠৰীৰ বাসগৃহত দিনটোৰ বিভিন্ন কাৰ্যসূচী অনুষ্ঠিত হয়।
গুৱাহাটী-ডিব্ৰুগড়-তেজপুৰ বিশ্ববিদ্যালয়ত সুধাকণ্ঠৰ নামত আসন সংৰক্ষণৰ দাবী আছুৰ

গুৱাহাটীকে ধৰি সমগ্ৰ অসমৰ প্ৰতিখন জিলাত সুধাকণ্ঠ ড° ভূপেন হাজৰিকাৰ জন্ম শতবাৰ্ষিকী উদযাপন কৰা হয়। এই উপলক্ষে সদৌ অসম ছাত্ৰ সন্থাই গুৱাহাটী, ডিব্ৰুগড় আৰু তেজপুৰ বিশ্ববিদ্যালয়ত সুধাকণ্ঠৰ নামত আসন সংৰক্ষণৰ দাবী উত্থাপন কৰে। সংগীত আৰু সংস্কৃতিৰ গৱেষণাৰ বাবে এনে আসনৰ প্ৰয়োজনীয়তা আছে বুলি সন্থাই মত পোষণ কৰে।

গুৱাহাটীকে ধৰি সমগ্ৰ অসমৰ প্ৰতিখন জিলাত সুধাকণ্ঠ ড° ভূপেন হাজৰিকাৰ জন্ম শতবাৰ্ষিকী উদযাপন কৰা হয়। এই উপলক্ষে সদৌ অসম ছাত্ৰ সন্থাই গুৱাহাটী, ডিব্ৰুগড় আৰু তেজপুৰ বিশ্ববিদ্যালয়ত সুধাকণ্ঠৰ নামত আসন সংৰক্ষণৰ দাবী উত্থাপন কৰে। সংগীত আৰু সংস্কৃতিৰ গৱেষণাৰ বাবে এনে আসনৰ প্ৰয়োজনীয়তা আছে বুলি সন্থাই মত পোষণ কৰে।
গুৱাহাটীকে ধৰি সমগ্ৰ অসমৰ প্ৰতিখন জিলাত সুধাকণ্ঠ ড° ভূপেন হাজৰিকাৰ জন্ম শতবাৰ্ষিকী উদযাপন কৰা হয়। এই উপলক্ষে সদৌ অসম ছাত্ৰ সন্থাই গুৱাহাটী, ডিব্ৰুগড় আৰু তেজপুৰ বিশ্ববিদ্যালয়ত সুধাকণ্ঠৰ নামত আসন সংৰক্ষণৰ দাবী উত্থাপন কৰে। সংগীত আৰু সংস্কৃতিৰ গৱেষণাৰ বাবে এনে আসনৰ প্ৰয়োজনীয়তা আছে বুলি সন্থাই মত পোষণ কৰে।
গুৱাহাটীকে ধৰি সমগ্ৰ অসমৰ প্ৰতিখন জিলাত সুধাকণ্ঠ ড° ভূপেন হাজৰিকাৰ জন্ম শতবাৰ্ষিকী উদযাপন কৰা হয়। এই উপলক্ষে সদৌ অসম ছাত্ৰ সন্থাই গুৱাহাটী, ডিব্ৰুগড় আৰু তেজপুৰ বিশ্ববিদ্যালয়ত সুধাকণ্ঠৰ নামত আসন সংৰক্ষণৰ দাবী উত্থাপন কৰে। সংগীত আৰু সংস্কৃতিৰ গৱেষণাৰ বাবে এনে আসনৰ প্ৰয়োজনীয়তা আছে বুলি সন্থাই মত পোষণ কৰে।
গুৱাহাটীকে ধৰি সমগ্ৰ অসমৰ প্ৰতিখন জিলাত সুধাকণ্ঠ ড° ভূপেন হাজৰিকাৰ জন্ম শতবাৰ্ষিকী উদযাপন কৰা হয়। এই উপলক্ষে সদৌ অসম ছাত্ৰ সন্থাই গুৱাহাটী, ডিব্ৰুগড় আৰু তেজপুৰ বিশ্ববিদ্যালয়ত সুধাকণ্ঠৰ নামত আসন সংৰক্ষণৰ দাবী উত্থাপন কৰে। সংগীত আৰু সংস্কৃতিৰ গৱেষণাৰ বাবে এনে আসনৰ প্ৰয়োজনীয়তা আছে বুলি সন্থাই মত পোষণ কৰে।
ৰবমাত পথ দুৰ্ঘটনাত নিহত দুই মহিলা ঃ দৰঙত পুখুৰীত পৰি পিতা-পুত্ৰৰ মৃত্যু

নলবাৰী অঞ্চলত সংঘটিত এক ভয়ংকৰ পথ দুৰ্ঘটনাত দুগৰাকী মহিলাৰ মৃত্যু হয়। দ্ৰুতবেগী বাহনখনে মহিলা দুগৰাকীক খুন্দা মাৰি পলায়ন কৰে। আনহাতে দৰং জিলাত পুখুৰীত পৰি পিতা-পুত্ৰৰ মৃত্যু হোৱাৰ খবৰ পোৱা গৈছে। আৰক্ষীয়ে দুয়োটা ঘটনাৰ তদন্ত আৰম্ভ কৰিছে।

নলবাৰী অঞ্চলত সংঘটিত এক ভয়ংকৰ পথ দুৰ্ঘটনাত দুগৰাকী মহিলাৰ মৃত্যু হয়। দ্ৰুতবেগী বাহনখনে মহিলা দুগৰাকীক খুন্দা মাৰি পলায়ন কৰে। আনহাতে দৰং জিলাত পুখুৰীত পৰি পিতা-পুত্ৰৰ মৃত্যু হোৱাৰ খবৰ পোৱা গৈছে। আৰক্ষীয়ে দুয়োটা ঘটনাৰ তদন্ত আৰম্ভ কৰিছে।
দৰঙত ডুবিলগৰ সেনাপতিগাঁৱৰ শোকাকুল ঘটনা ঃ পিতা-পুত্ৰৰ মৃত্যুত এলেকাটো শোকত ম্ৰিয়মাণ

আমাৰ খবৰ, নলবাৰী ঃ এদিনৰ ভিতৰতে দুটা পৃথক ঘটনাত তিনিজনৰ মৃত্যুৱে অঞ্চলটোত শোকৰ ছাঁ পেলাইছে। স্থানীয় ৰাইজে পথ সুৰক্ষাৰ ক্ষেত্ৰত প্ৰশাসনক অধিক সক্ৰিয় হ'বলৈ দাবী জনাইছে।

নলবাৰী অঞ্চলত সংঘটিত এক ভয়ংকৰ পথ দুৰ্ঘটনাত দুগৰাকী মহিলাৰ মৃত্যু হয়। দ্ৰুতবেগী বাহনখনে মহিলা দুগৰাকীক খুন্দা মাৰি পলায়ন কৰে। আনহাতে দৰং জিলাত পুখুৰীত পৰি পিতা-পুত্ৰৰ মৃত্যু হোৱাৰ খবৰ পোৱা গৈছে। আৰক্ষীয়ে দুয়োটা ঘটনাৰ তদন্ত আৰম্ভ কৰিছে।
নলবাৰী অঞ্চলত সংঘটিত এক ভয়ংকৰ পথ দুৰ্ঘটনাত দুগৰাকী মহিলাৰ মৃত্যু হয়। দ্ৰুতবেগী বাহনখনে মহিলা দুগৰাকীক খুন্দা মাৰি পলায়ন কৰে। আনহাতে দৰং জিলাত পুখুৰীত পৰি পিতা-পুত্ৰৰ মৃত্যু হোৱাৰ খবৰ পোৱা গৈছে। আৰক্ষীয়ে দুয়োটা ঘটনাৰ তদন্ত আৰম্ভ কৰিছে।
নলবাৰী অঞ্চলত সংঘটিত এক ভয়ংকৰ পথ দুৰ্ঘটনাত দুগৰাকী মহিলাৰ মৃত্যু হয়। দ্ৰুতবেগী বাহনখনে মহিলা দুগৰাকীক খুন্দা মাৰি পলায়ন কৰে। আনহাতে দৰং জিলাত পুখুৰীত পৰি পিতা-পুত্ৰৰ মৃত্যু হোৱাৰ খবৰ পোৱা গৈছে। আৰক্ষীয়ে দুয়োটা ঘটনাৰ তদন্ত আৰম্ভ কৰিছে।
আমাৰ খবৰ, নলবাৰী ঃ এদিনৰ ভিতৰতে দুটা পৃথক ঘটনাত তিনিজনৰ মৃত্যুৱে অঞ্চলটোত শোকৰ ছাঁ পেলাইছে। স্থানীয় ৰাইজে পথ সুৰক্ষাৰ ক্ষেত্ৰত প্ৰশাসনক অধিক সক্ৰিয় হ'বলৈ দাবী জনাইছে।
